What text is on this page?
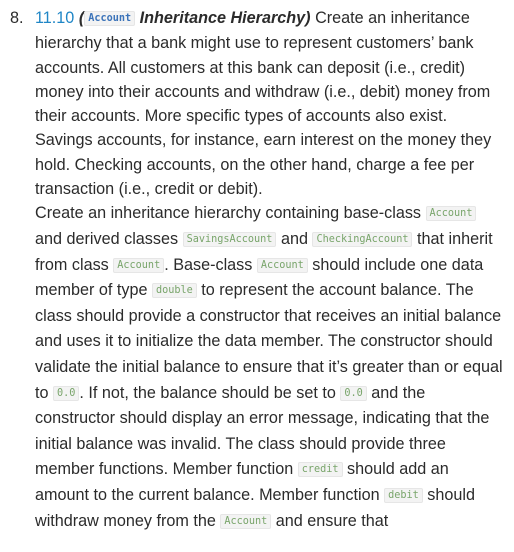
8. 11.10 ( Account Inheritance Hierarchy) Create an inheritance hierarchy that a bank might use to represent customers’ bank accounts. All customers at this bank can deposit (i.e., credit) money into their accounts and withdraw (i.e., debit) money from their accounts. More specific types of accounts also exist. Savings accounts, for instance, earn interest on the money they hold. Checking accounts, on the other hand, charge a fee per transaction (i.e., credit or debit).

Create an inheritance hierarchy containing base-class Account and derived classes SavingsAccount and CheckingAccount that inherit from class Account . Base-class Account should include one data member of type double to represent the account balance. The class should provide a constructor that receives an initial balance and uses it to initialize the data member. The constructor should validate the initial balance to ensure that it’s greater than or equal to 0.0 . If not, the balance should be set to 0.0 and the constructor should display an error message, indicating that the initial balance was invalid. The class should provide three member functions. Member function credit should add an amount to the current balance. Member function debit should withdraw money from the Account and ensure that
